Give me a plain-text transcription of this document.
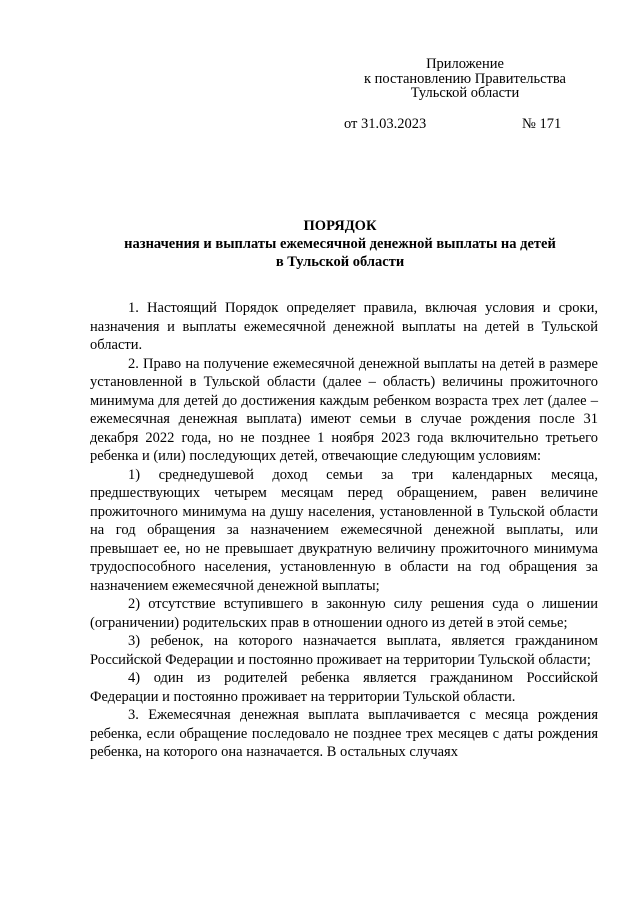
Приложение
к постановлению Правительства
Тульской области
от 31.03.2023	№ 171
ПОРЯДОК
назначения и выплаты ежемесячной денежной выплаты на детей
в Тульской области

1. Настоящий Порядок определяет правила, включая условия и сроки, назначения и выплаты ежемесячной денежной выплаты на детей в Тульской области.

2. Право на получение ежемесячной денежной выплаты на детей в размере установленной в Тульской области (далее – область) величины прожиточного минимума для детей до достижения каждым ребенком возраста трех лет (далее – ежемесячная денежная выплата) имеют семьи в случае рождения после 31 декабря 2022 года, но не позднее 1 ноября 2023 года включительно третьего ребенка и (или) последующих детей, отвечающие следующим условиям:

1) среднедушевой доход семьи за три календарных месяца, предшествующих четырем месяцам перед обращением, равен величине прожиточного минимума на душу населения, установленной в Тульской области на год обращения за назначением ежемесячной денежной выплаты, или превышает ее, но не превышает двукратную величину прожиточного минимума трудоспособного населения, установленную в области на год обращения за назначением ежемесячной денежной выплаты;

2) отсутствие вступившего в законную силу решения суда о лишении (ограничении) родительских прав в отношении одного из детей в этой семье;

3) ребенок, на которого назначается выплата, является гражданином Российской Федерации и постоянно проживает на территории Тульской области;

4) один из родителей ребенка является гражданином Российской Федерации и постоянно проживает на территории Тульской области.

3. Ежемесячная денежная выплата выплачивается с месяца рождения ребенка, если обращение последовало не позднее трех месяцев с даты рождения ребенка, на которого она назначается. В остальных случаях
